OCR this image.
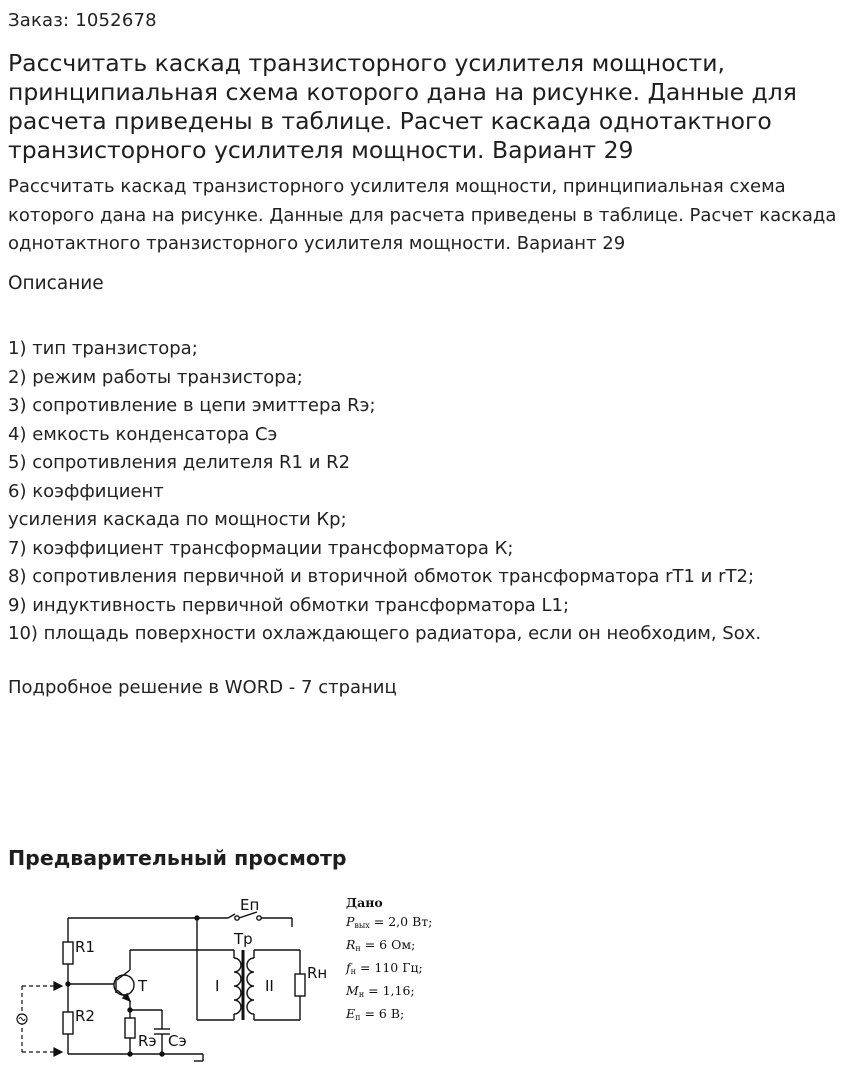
Заказ: 1052678
Рассчитать каскад транзисторного усилителя мощности, принципиальная схема которого дана на рисунке. Данные для расчета приведены в таблице. Расчет каскада однотактного транзисторного усилителя мощности. Вариант 29
Рассчитать каскад транзисторного усилителя мощности, принципиальная схема которого дана на рисунке. Данные для расчета приведены в таблице. Расчет каскада однотактного транзисторного усилителя мощности. Вариант 29
Описание
1) тип транзистора;
2) режим работы транзистора;
3) сопротивление в цепи эмиттера Rэ;
4) емкость конденсатора Сэ
5) сопротивления делителя R1 и R2
6) коэффициент
усиления каскада по мощности Кр;
7) коэффициент трансформации трансформатора К;
8) сопротивления первичной и вторичной обмоток трансформатора rТ1 и rТ2;
9) индуктивность первичной обмотки трансформатора L1;
10) площадь поверхности охлаждающего радиатора, если он необходим, Sох.
Подробное решение в WORD - 7 страниц
Предварительный просмотр
Eп
Тр
R1
R2
T
Rэ Cэ
I	II
Rн
Дано
$P_{вых} = 2,0$ Вт;
$R_н = 6$ Ом;
$f_н = 110$ Гц;
$M_н = 1,16$;
$E_п = 6$ В;
